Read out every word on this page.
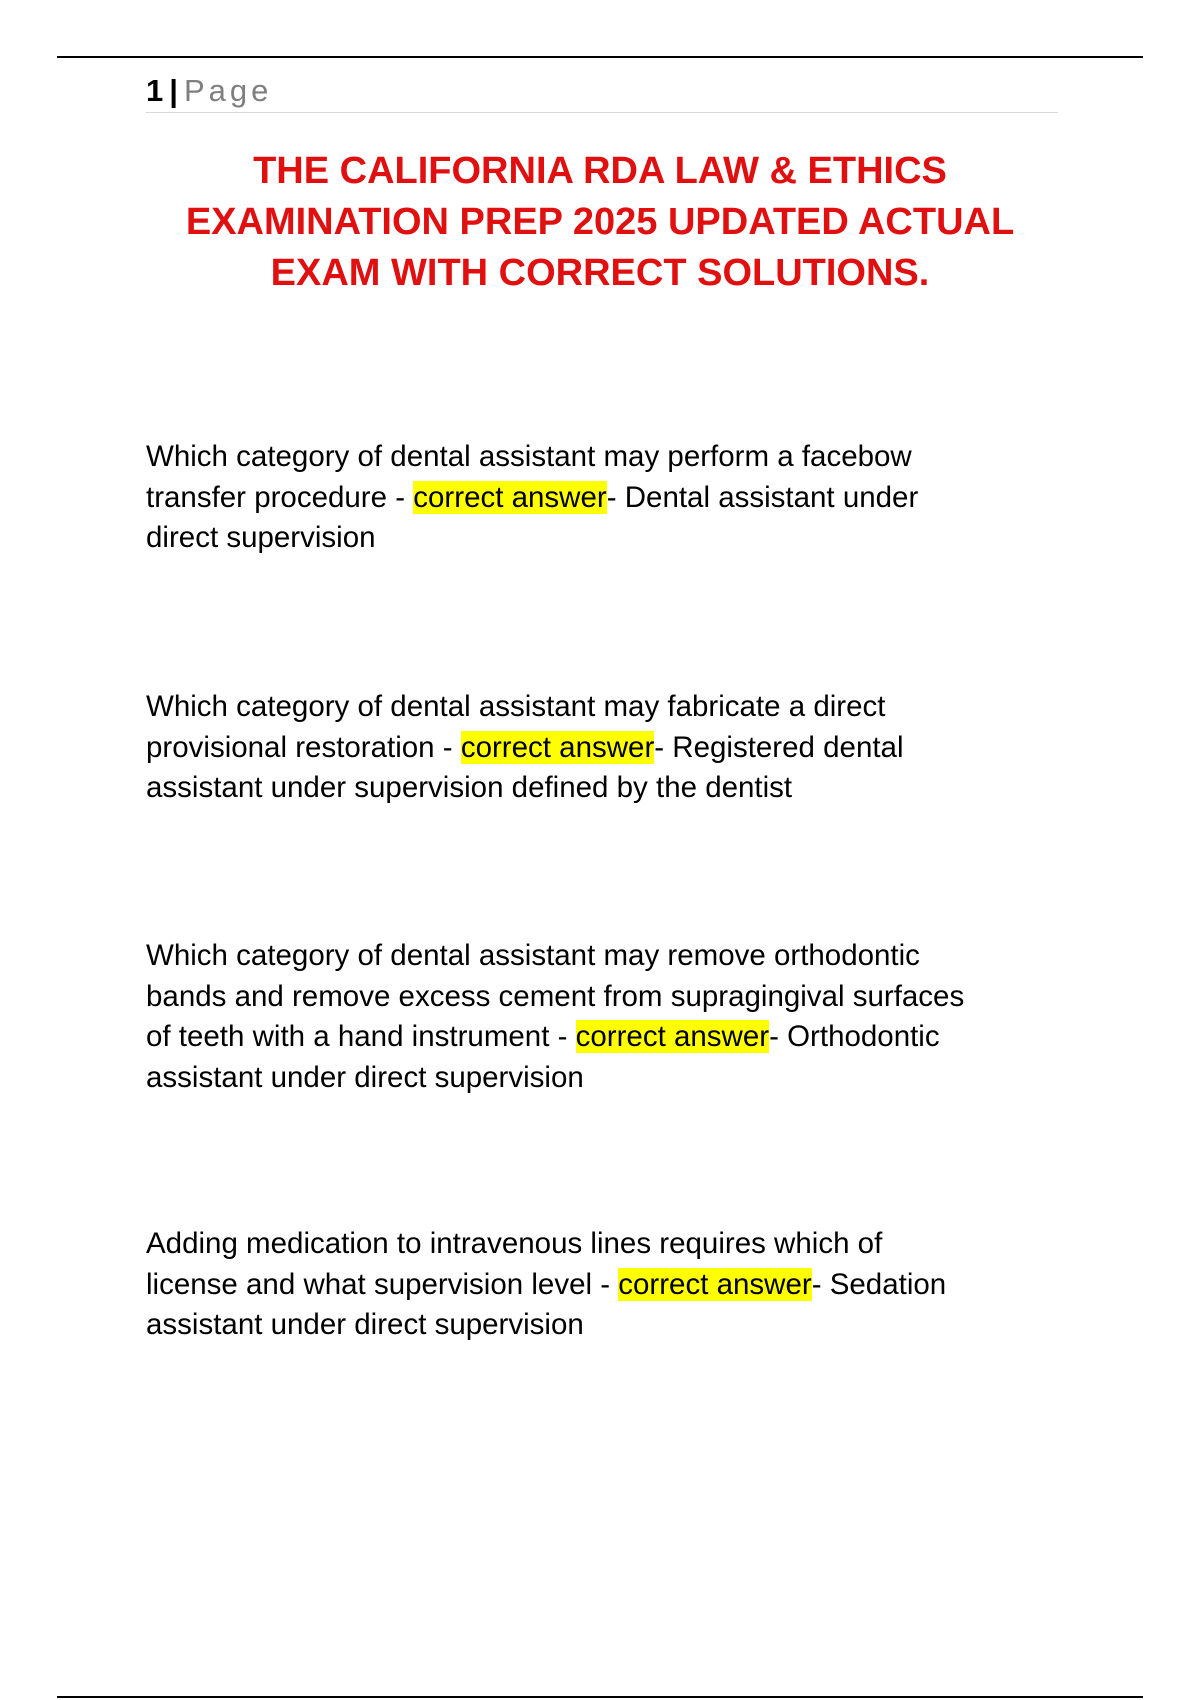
1 | Page
THE CALIFORNIA RDA LAW & ETHICS
EXAMINATION PREP 2025 UPDATED ACTUAL
EXAM WITH CORRECT SOLUTIONS.

Which category of dental assistant may perform a facebow
transfer procedure - correct answer- Dental assistant under
direct supervision

Which category of dental assistant may fabricate a direct
provisional restoration - correct answer- Registered dental
assistant under supervision defined by the dentist

Which category of dental assistant may remove orthodontic
bands and remove excess cement from supragingival surfaces
of teeth with a hand instrument - correct answer- Orthodontic
assistant under direct supervision

Adding medication to intravenous lines requires which of
license and what supervision level - correct answer- Sedation
assistant under direct supervision
